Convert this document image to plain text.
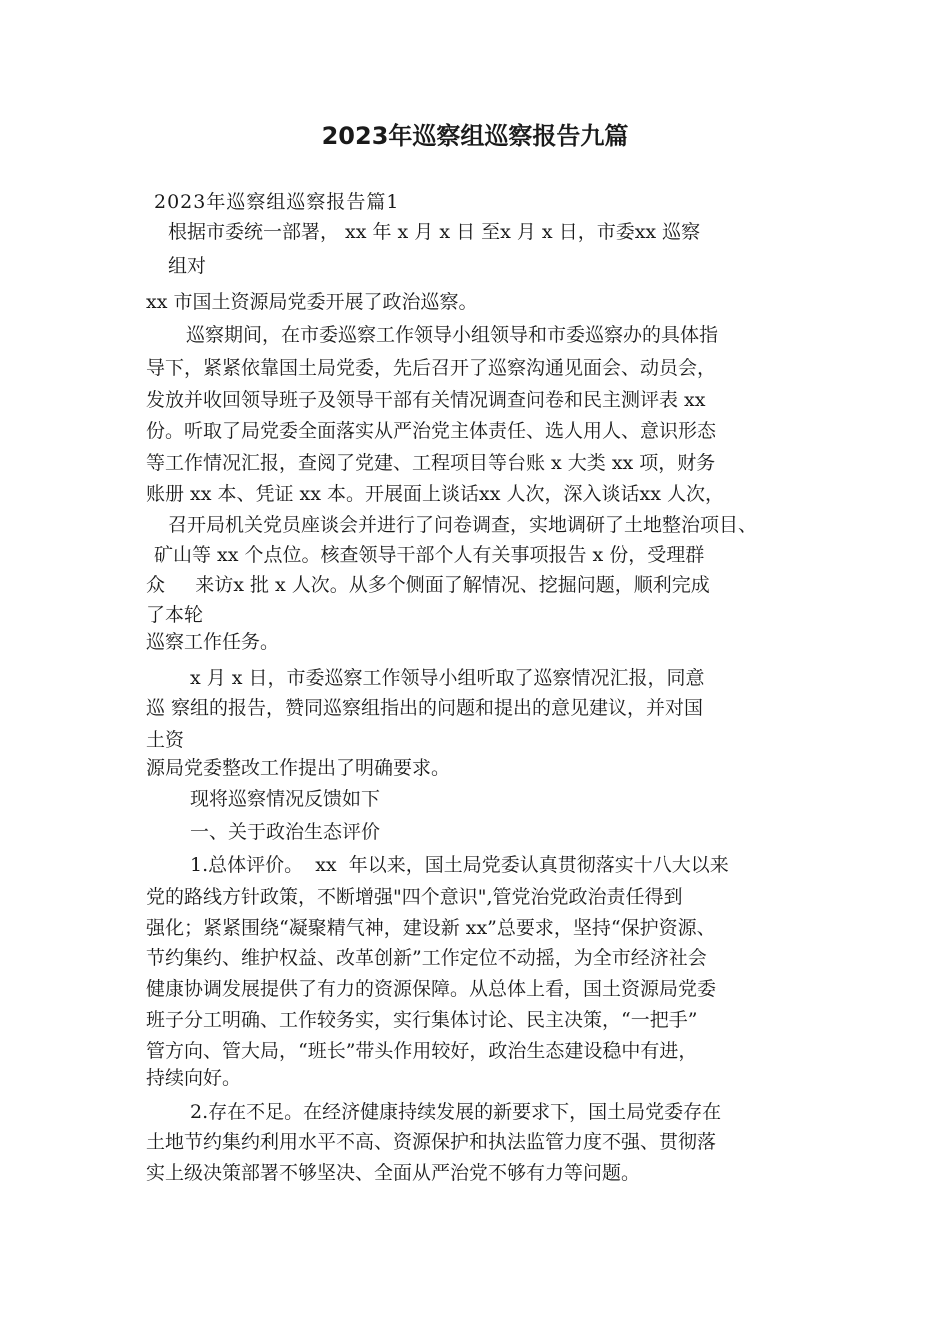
2023年巡察组巡察报告九篇
2023年巡察组巡察报告篇1
根据市委统一部署， xx 年 x 月 x 日 至x 月 x 日，市委xx 巡察
组对
xx 市国土资源局党委开展了政治巡察。
巡察期间，在市委巡察工作领导小组领导和市委巡察办的具体指
导下，紧紧依靠国土局党委，先后召开了巡察沟通见面会、动员会，
发放并收回领导班子及领导干部有关情况调查问卷和民主测评表 xx
份。听取了局党委全面落实从严治党主体责任、选人用人、意识形态
等工作情况汇报，查阅了党建、工程项目等台账 x 大类 xx 项，财务
账册 xx 本、凭证 xx 本。开展面上谈话xx 人次，深入谈话xx 人次，
召开局机关党员座谈会并进行了问卷调查，实地调研了土地整治项目、
矿山等 xx 个点位。核查领导干部个人有关事项报告 x 份，受理群
众     来访x 批 x 人次。从多个侧面了解情况、挖掘问题，顺利完成
了本轮
巡察工作任务。
x 月 x 日，市委巡察工作领导小组听取了巡察情况汇报，同意
巡 察组的报告，赞同巡察组指出的问题和提出的意见建议，并对国
土资
源局党委整改工作提出了明确要求。
现将巡察情况反馈如下
一、关于政治生态评价
1.总体评价。  xx  年以来，国土局党委认真贯彻落实十八大以来
党的路线方针政策，不断增强"四个意识",管党治党政治责任得到
强化；紧紧围绕“凝聚精气神，建设新 xx”总要求，坚持“保护资源、
节约集约、维护权益、改革创新”工作定位不动摇，为全市经济社会
健康协调发展提供了有力的资源保障。从总体上看，国土资源局党委
班子分工明确、工作较务实，实行集体讨论、民主决策，“一把手”
管方向、管大局，“班长”带头作用较好，政治生态建设稳中有进，
持续向好。
2.存在不足。在经济健康持续发展的新要求下，国土局党委存在
土地节约集约利用水平不高、资源保护和执法监管力度不强、贯彻落
实上级决策部署不够坚决、全面从严治党不够有力等问题。
